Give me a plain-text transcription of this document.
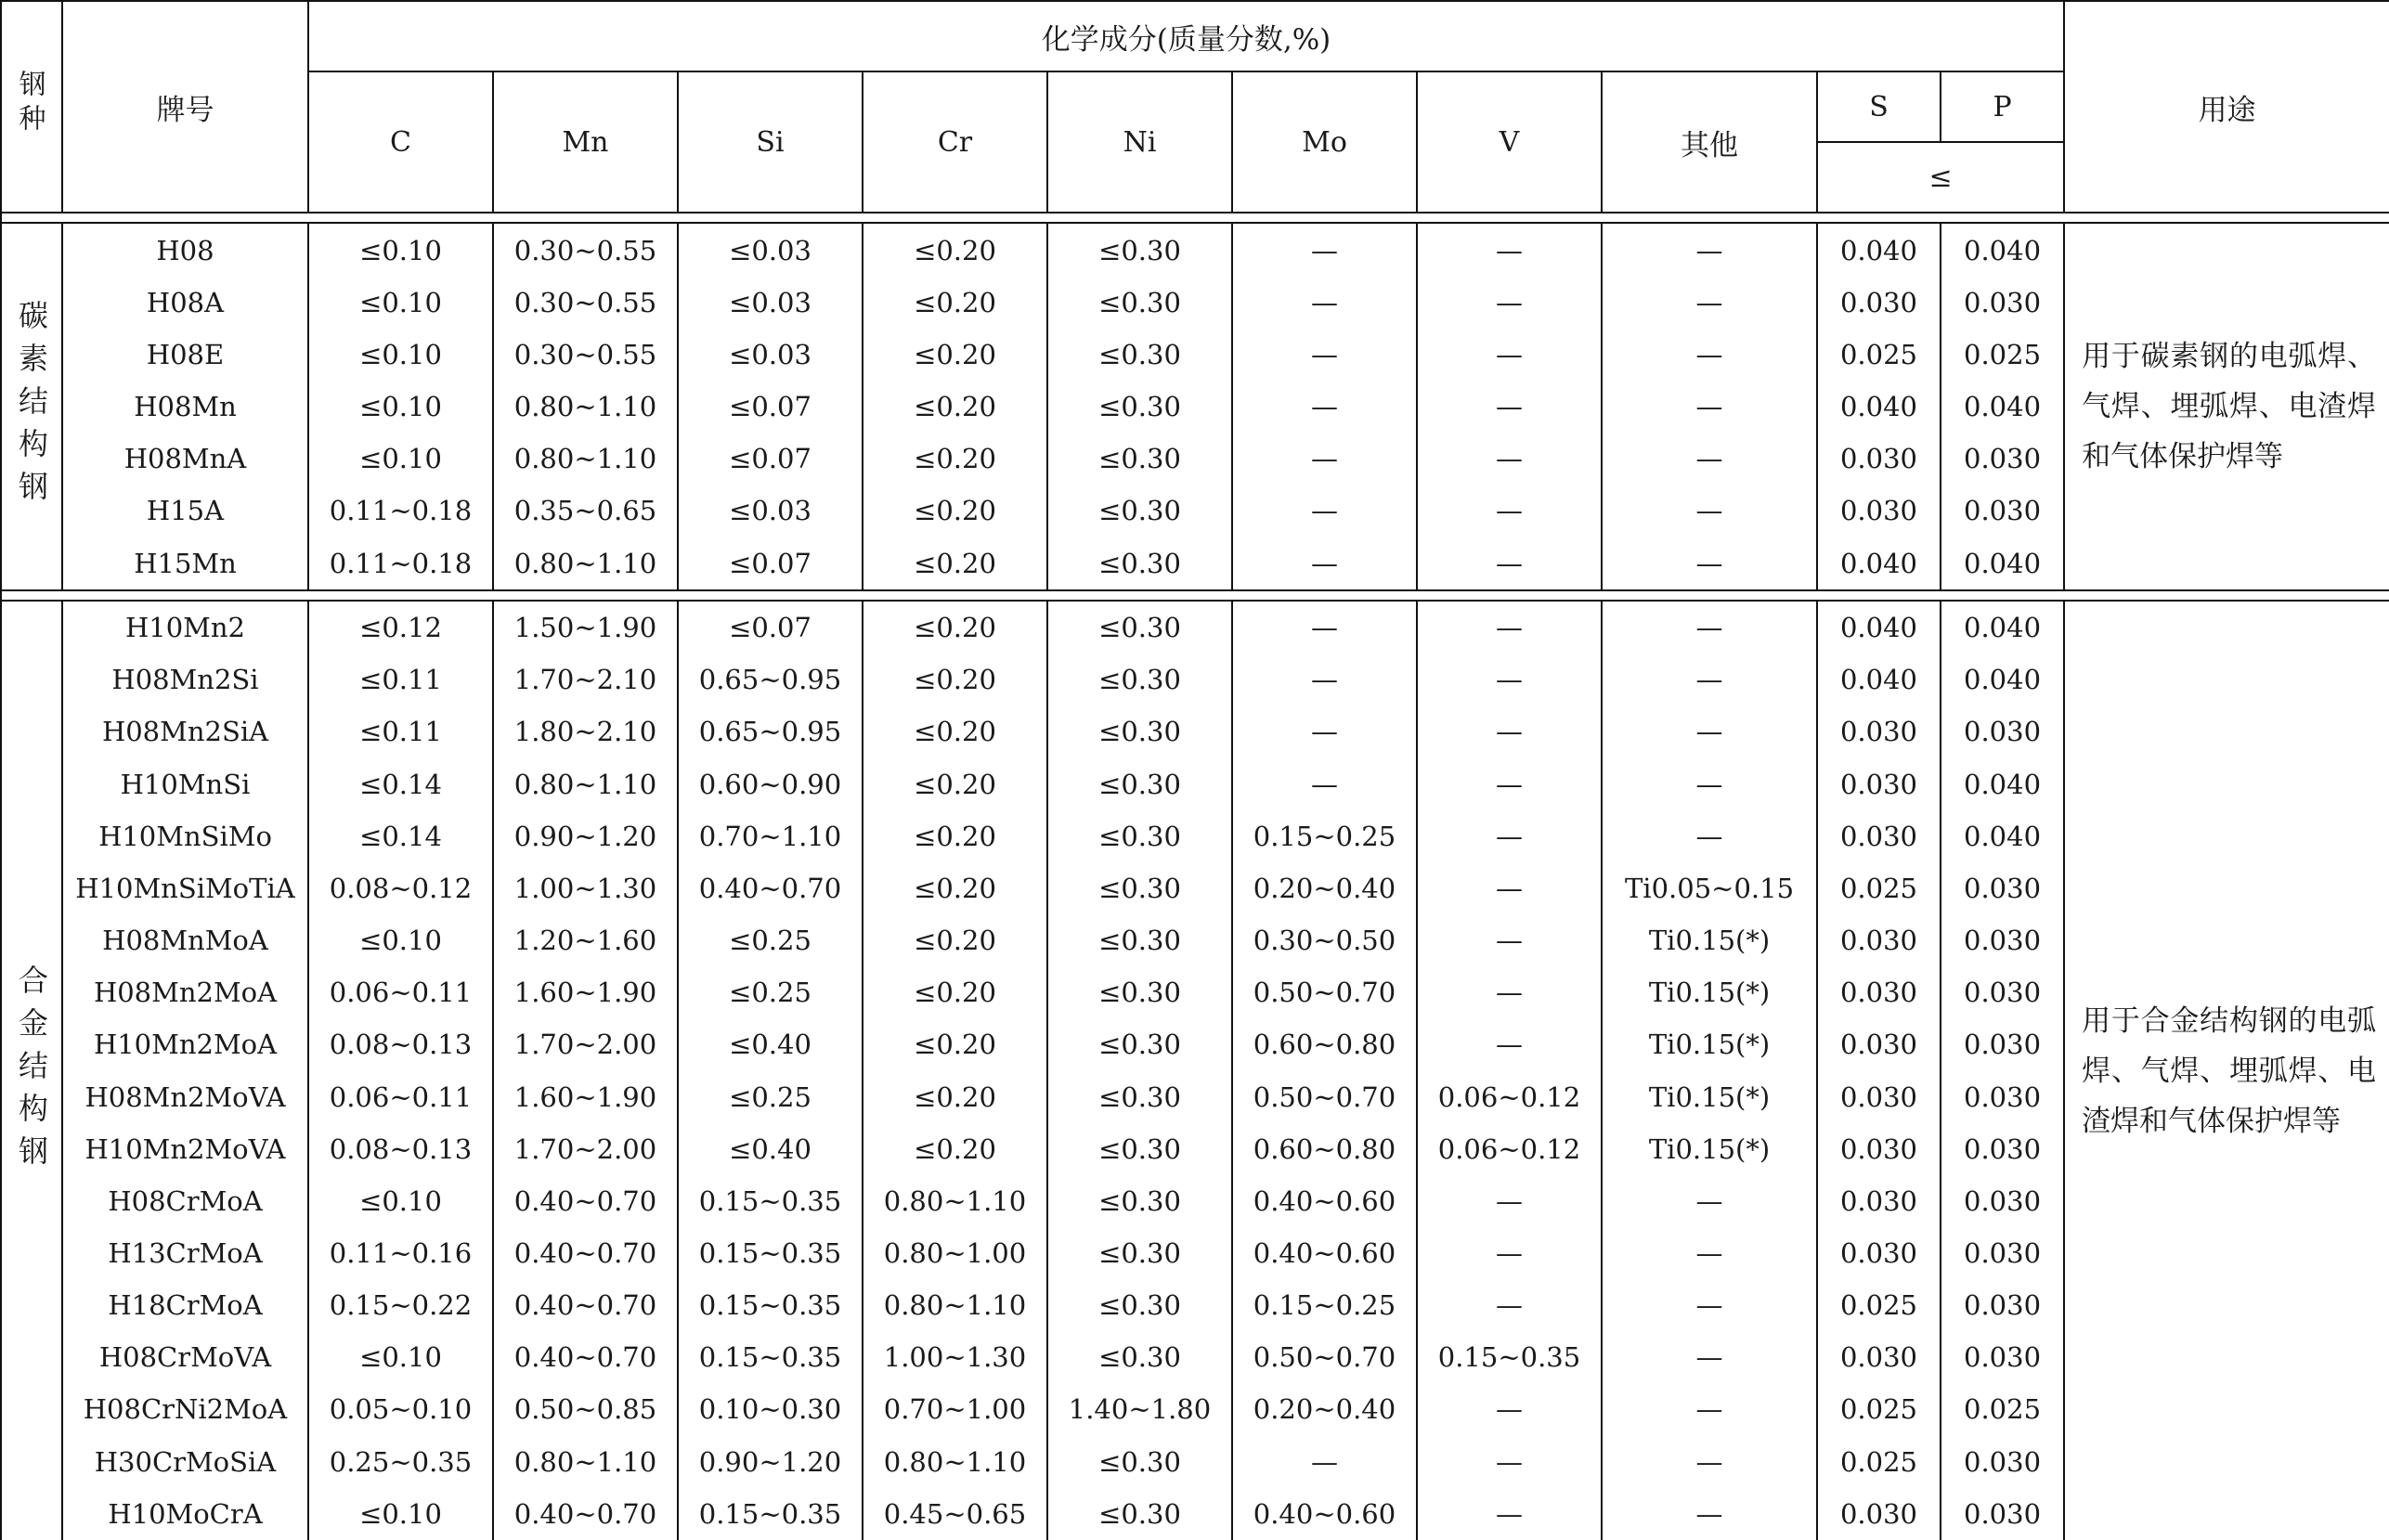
钢种	牌号	化学成分(质量分数,%)										用途
		C	Mn	Si	Cr	Ni	Mo	V	其他	S	P	
										≤		

碳素结构钢	H08	≤0.10	0.30~0.55	≤0.03	≤0.20	≤0.30	—	—	—	0.040	0.040	用于碳素钢的电弧焊、气焊、埋弧焊、电渣焊和气体保护焊等
	H08A	≤0.10	0.30~0.55	≤0.03	≤0.20	≤0.30	—	—	—	0.030	0.030	
	H08E	≤0.10	0.30~0.55	≤0.03	≤0.20	≤0.30	—	—	—	0.025	0.025	
	H08Mn	≤0.10	0.80~1.10	≤0.07	≤0.20	≤0.30	—	—	—	0.040	0.040	
	H08MnA	≤0.10	0.80~1.10	≤0.07	≤0.20	≤0.30	—	—	—	0.030	0.030	
	H15A	0.11~0.18	0.35~0.65	≤0.03	≤0.20	≤0.30	—	—	—	0.030	0.030	
	H15Mn	0.11~0.18	0.80~1.10	≤0.07	≤0.20	≤0.30	—	—	—	0.040	0.040	

合金结构钢	H10Mn2	≤0.12	1.50~1.90	≤0.07	≤0.20	≤0.30	—	—	—	0.040	0.040	用于合金结构钢的电弧焊、气焊、埋弧焊、电渣焊和气体保护焊等
	H08Mn2Si	≤0.11	1.70~2.10	0.65~0.95	≤0.20	≤0.30	—	—	—	0.040	0.040	
	H08Mn2SiA	≤0.11	1.80~2.10	0.65~0.95	≤0.20	≤0.30	—	—	—	0.030	0.030	
	H10MnSi	≤0.14	0.80~1.10	0.60~0.90	≤0.20	≤0.30	—	—	—	0.030	0.040	
	H10MnSiMo	≤0.14	0.90~1.20	0.70~1.10	≤0.20	≤0.30	0.15~0.25	—	—	0.030	0.040	
	H10MnSiMoTiA	0.08~0.12	1.00~1.30	0.40~0.70	≤0.20	≤0.30	0.20~0.40	—	Ti0.05~0.15	0.025	0.030	
	H08MnMoA	≤0.10	1.20~1.60	≤0.25	≤0.20	≤0.30	0.30~0.50	—	Ti0.15(*)	0.030	0.030	
	H08Mn2MoA	0.06~0.11	1.60~1.90	≤0.25	≤0.20	≤0.30	0.50~0.70	—	Ti0.15(*)	0.030	0.030	
	H10Mn2MoA	0.08~0.13	1.70~2.00	≤0.40	≤0.20	≤0.30	0.60~0.80	—	Ti0.15(*)	0.030	0.030	
	H08Mn2MoVA	0.06~0.11	1.60~1.90	≤0.25	≤0.20	≤0.30	0.50~0.70	0.06~0.12	Ti0.15(*)	0.030	0.030	
	H10Mn2MoVA	0.08~0.13	1.70~2.00	≤0.40	≤0.20	≤0.30	0.60~0.80	0.06~0.12	Ti0.15(*)	0.030	0.030	
	H08CrMoA	≤0.10	0.40~0.70	0.15~0.35	0.80~1.10	≤0.30	0.40~0.60	—	—	0.030	0.030	
	H13CrMoA	0.11~0.16	0.40~0.70	0.15~0.35	0.80~1.00	≤0.30	0.40~0.60	—	—	0.030	0.030	
	H18CrMoA	0.15~0.22	0.40~0.70	0.15~0.35	0.80~1.10	≤0.30	0.15~0.25	—	—	0.025	0.030	
	H08CrMoVA	≤0.10	0.40~0.70	0.15~0.35	1.00~1.30	≤0.30	0.50~0.70	0.15~0.35	—	0.030	0.030	
	H08CrNi2MoA	0.05~0.10	0.50~0.85	0.10~0.30	0.70~1.00	1.40~1.80	0.20~0.40	—	—	0.025	0.025	
	H30CrMoSiA	0.25~0.35	0.80~1.10	0.90~1.20	0.80~1.10	≤0.30	—	—	—	0.025	0.030	
	H10MoCrA	≤0.10	0.40~0.70	0.15~0.35	0.45~0.65	≤0.30	0.40~0.60	—	—	0.030	0.030	
